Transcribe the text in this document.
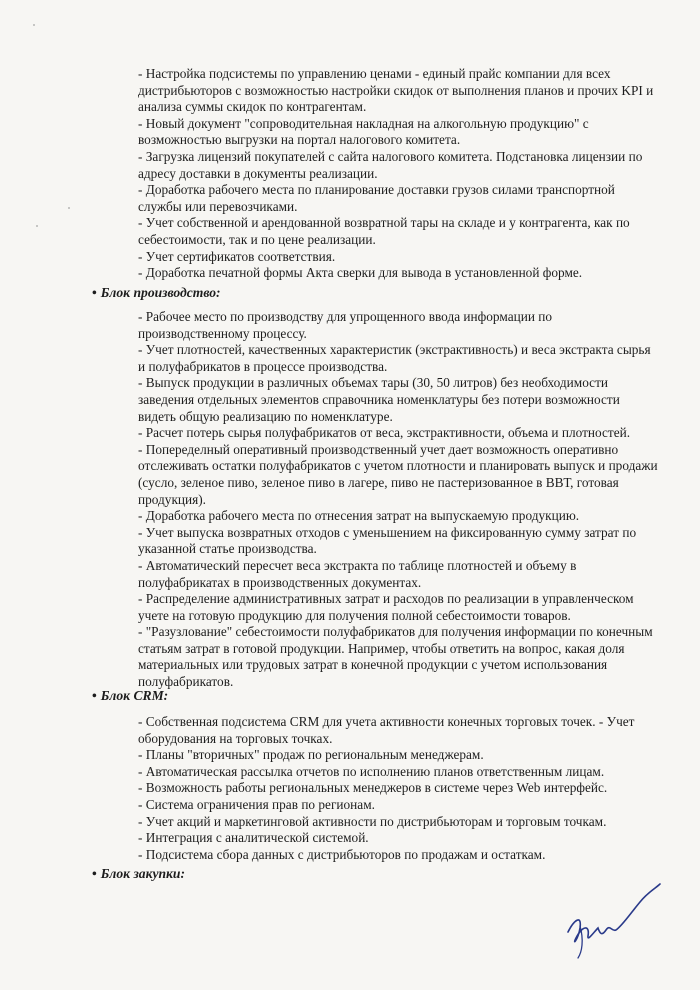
- Настройка подсистемы по управлению ценами - единый прайс компании для всех

дистрибьюторов с возможностью настройки скидок от выполнения планов и прочих KPI и

анализа суммы скидок по контрагентам.

- Новый документ "сопроводительная накладная на алкогольную продукцию" с

возможностью выгрузки на портал налогового комитета.

- Загрузка лицензий покупателей с сайта налогового комитета. Подстановка лицензии по

адресу доставки в документы реализации.

- Доработка рабочего места по планирование доставки грузов силами транспортной

службы или перевозчиками.

- Учет собственной и арендованной возвратной тары на складе и у контрагента, как по

себестоимости, так и по цене реализации.

- Учет сертификатов соответствия.

- Доработка печатной формы Акта сверки для вывода в установленной форме.

• Блок производство:

- Рабочее место по производству для упрощенного ввода информации по

производственному процессу.

- Учет плотностей, качественных характеристик (экстрактивность) и веса экстракта сырья

и полуфабрикатов в процессе производства.

- Выпуск продукции в различных объемах тары (30, 50 литров) без необходимости

заведения отдельных элементов справочника номенклатуры без потери возможности

видеть общую реализацию по номенклатуре.

- Расчет потерь сырья полуфабрикатов от веса, экстрактивности, объема и плотностей.

- Попеределный оперативный производственный учет дает возможность оперативно

отслеживать остатки полуфабрикатов с учетом плотности и планировать выпуск и продажи

(сусло, зеленое пиво, зеленое пиво в лагере, пиво не пастеризованное в ВВТ, готовая

продукция).

- Доработка рабочего места по отнесения затрат на выпускаемую продукцию.

- Учет выпуска возвратных отходов с уменьшением на фиксированную сумму затрат по

указанной статье производства.

- Автоматический пересчет веса экстракта по таблице плотностей и объему в

полуфабрикатах в производственных документах.

- Распределение административных затрат и расходов по реализации в управленческом

учете на готовую продукцию для получения полной себестоимости товаров.

- "Разузлование" себестоимости полуфабрикатов для получения информации по конечным

статьям затрат в готовой продукции. Например, чтобы ответить на вопрос, какая доля

материальных или трудовых затрат в конечной продукции с учетом использования

полуфабрикатов.

• Блок CRM:

- Собственная подсистема CRM для учета активности конечных торговых точек. - Учет

оборудования на торговых точках.

- Планы "вторичных" продаж по региональным менеджерам.

- Автоматическая рассылка отчетов по исполнению планов ответственным лицам.

- Возможность работы региональных менеджеров в системе через Web интерфейс.

- Система ограничения прав по регионам.

- Учет акций и маркетинговой активности по дистрибьюторам и торговым точкам.

- Интеграция с аналитической системой.

- Подсистема сбора данных с дистрибьюторов по продажам и остаткам.

• Блок закупки:
